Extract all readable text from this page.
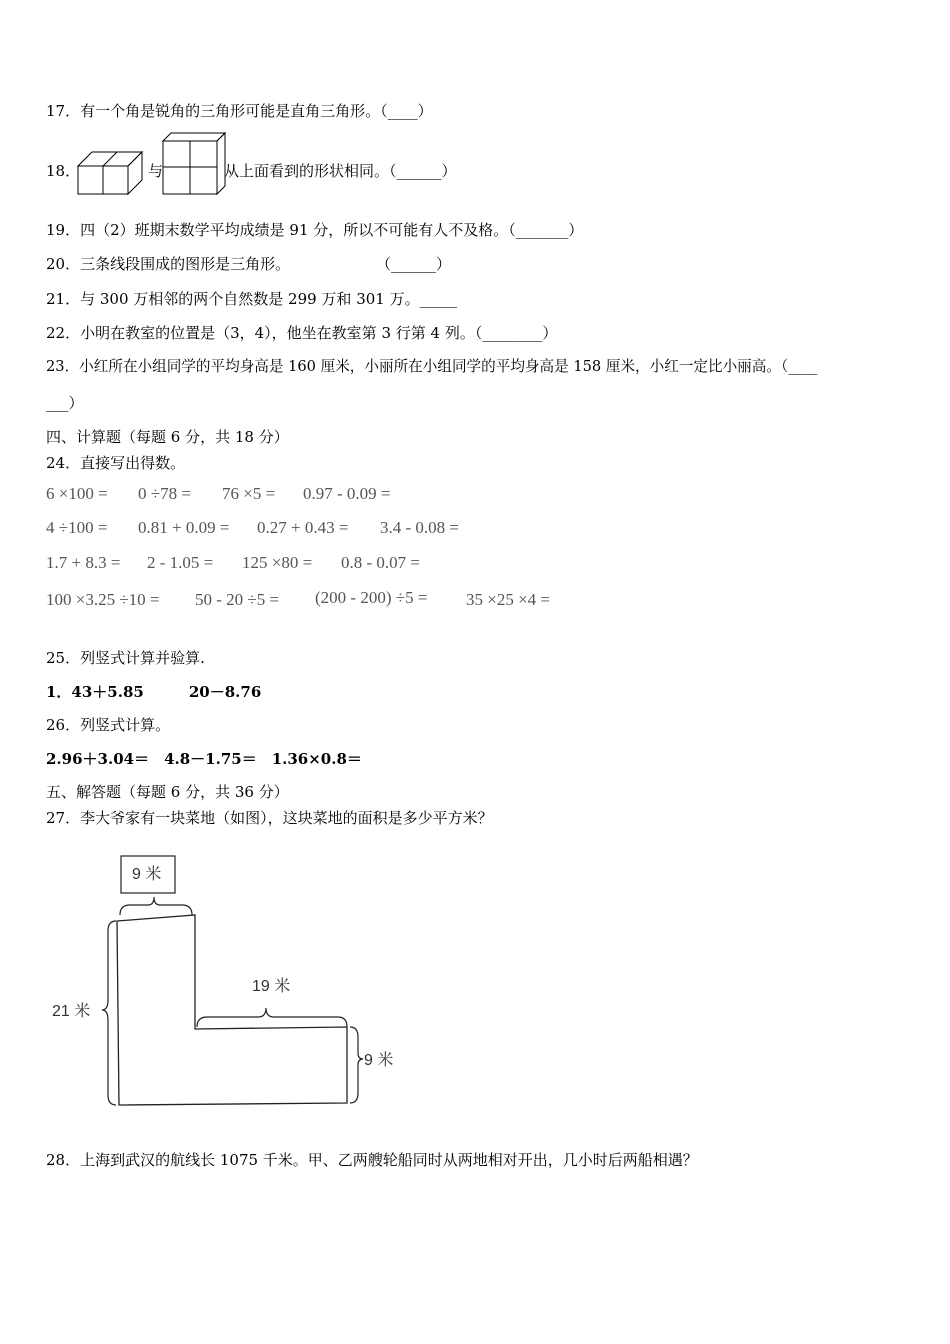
17．有一个角是锐角的三角形可能是直角三角形。（____）
18．	与	从上面看到的形状相同。（______）
19．四（2）班期末数学平均成绩是 91 分，所以不可能有人不及格。（_______）
20．三条线段围成的图形是三角形。	（______）
21．与 300 万相邻的两个自然数是 299 万和 301 万。_____
22．小明在教室的位置是（3，4），他坐在教室第 3 行第 4 列。（________）
23．小红所在小组同学的平均身高是 160 厘米，小丽所在小组同学的平均身高是 158 厘米，小红一定比小丽高。（____
___）
四、计算题（每题 6 分，共 18 分）
24．直接写出得数。
6 ×100 = 0 ÷78 = 76 ×5 = 0.97 - 0.09 =
4 ÷100 = 0.81 + 0.09 = 0.27 + 0.43 = 3.4 - 0.08 =
1.7 + 8.3 = 2 - 1.05 = 125 ×80 = 0.8 - 0.07 =
100 ×3.25 ÷10 = 50 - 20 ÷5 = (200 - 200) ÷5 = 35 ×25 ×4 =
25．列竖式计算并验算.
1．43＋5.85　　　20－8.76
26．列竖式计算。
2.96＋3.04＝　4.8－1.75＝　1.36×0.8＝
五、解答题（每题 6 分，共 36 分）
27．李大爷家有一块菜地（如图），这块菜地的面积是多少平方米？
9 米
21 米
19 米
9 米
28．上海到武汉的航线长 1075 千米。甲、乙两艘轮船同时从两地相对开出，几小时后两船相遇？
